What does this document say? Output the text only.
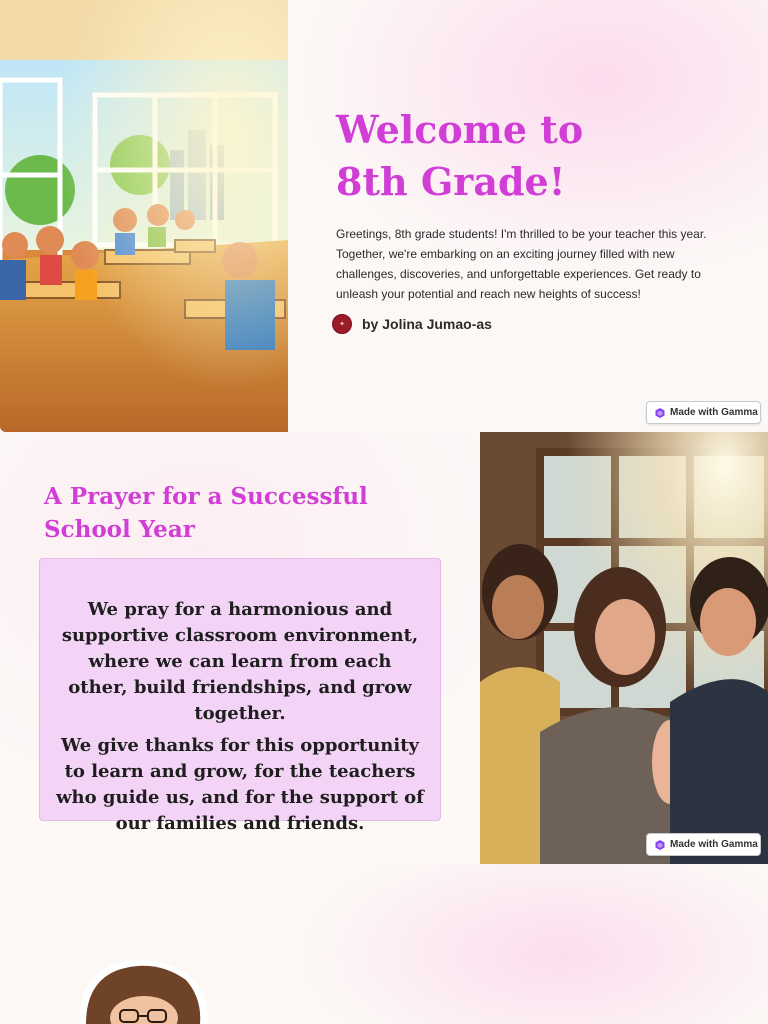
Welcome to 8th Grade!

Greetings, 8th grade students! I'm thrilled to be your teacher this year. Together, we're embarking on an exciting journey filled with new challenges, discoveries, and unforgettable experiences. Get ready to unleash your potential and reach new heights of success!

✦	by Jolina Jumao-as
Made with Gamma
A Prayer for a Successful School Year

We pray for a harmonious and supportive classroom environment, where we can learn from each other, build friendships, and grow together.

We give thanks for this opportunity to learn and grow, for the teachers who guide us, and for the support of our families and friends.

Made with Gamma
